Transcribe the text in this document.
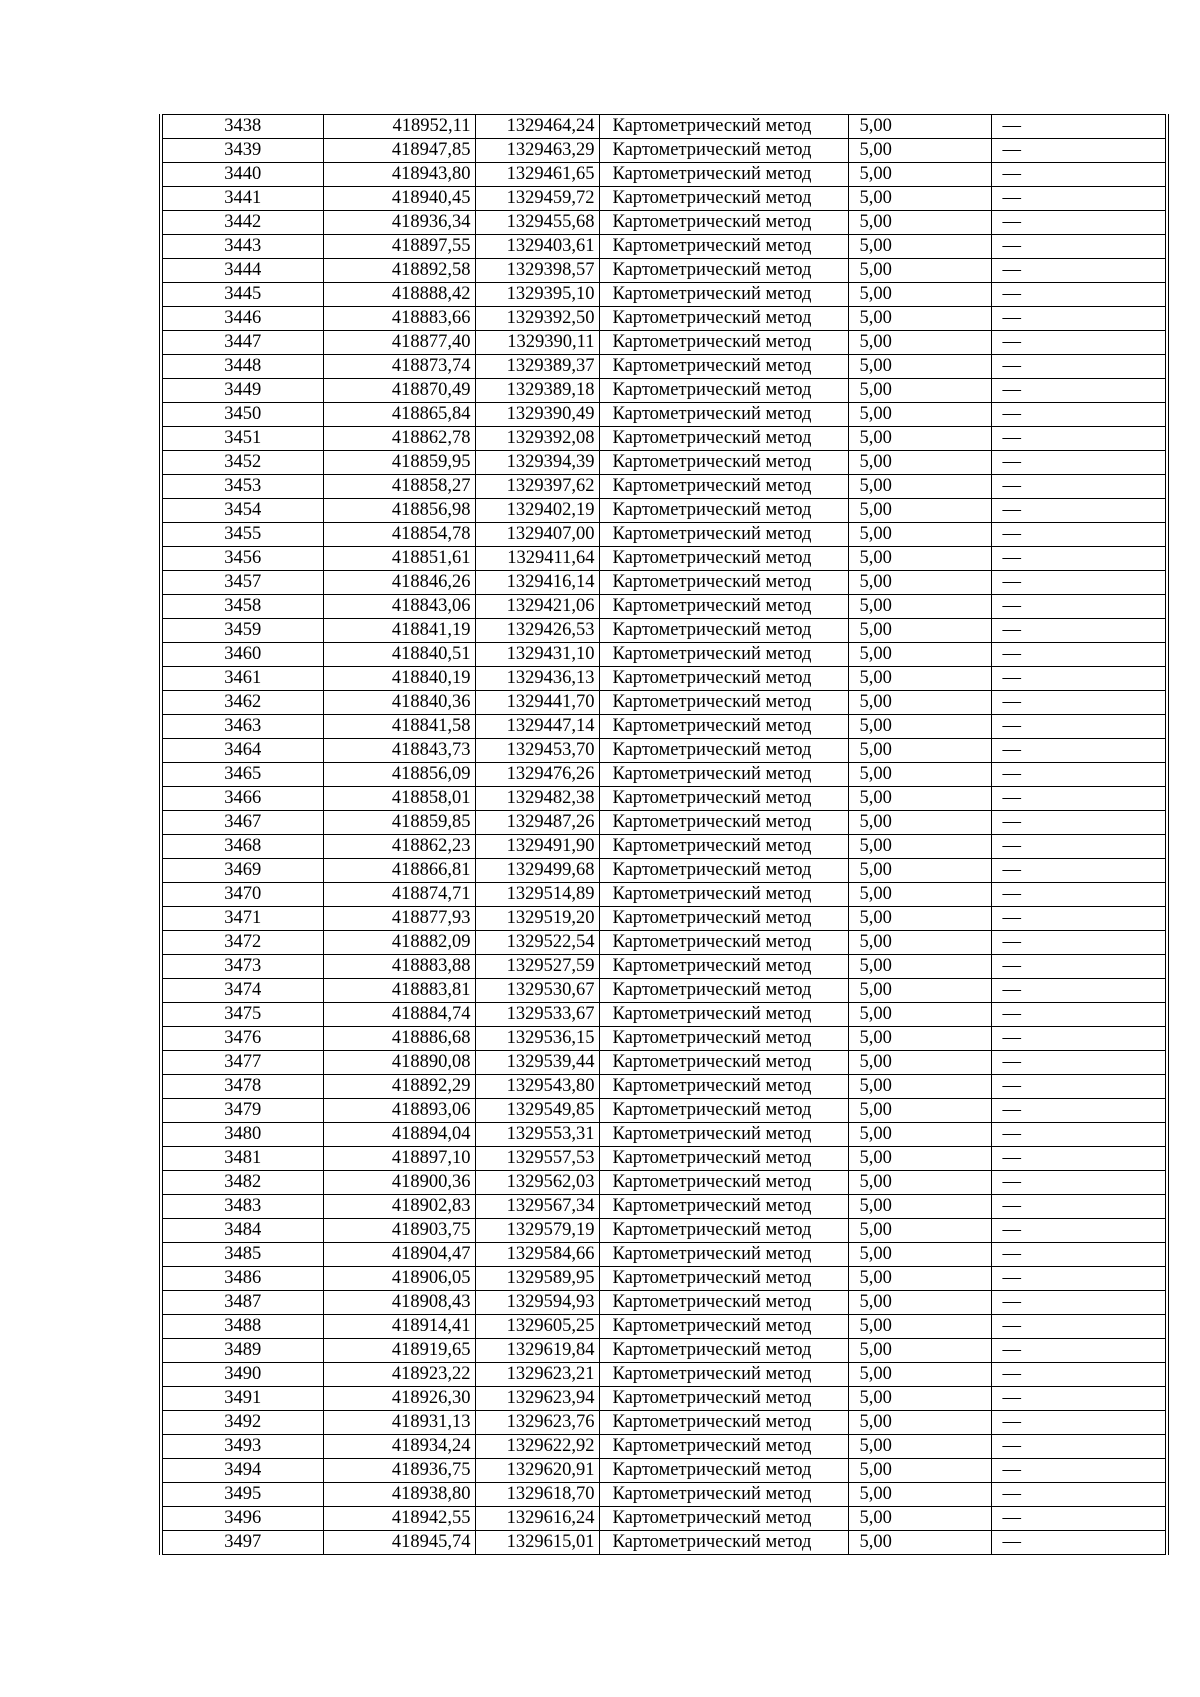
3438	418952,11	1329464,24	Картометрический метод	5,00	—
3439	418947,85	1329463,29	Картометрический метод	5,00	—
3440	418943,80	1329461,65	Картометрический метод	5,00	—
3441	418940,45	1329459,72	Картометрический метод	5,00	—
3442	418936,34	1329455,68	Картометрический метод	5,00	—
3443	418897,55	1329403,61	Картометрический метод	5,00	—
3444	418892,58	1329398,57	Картометрический метод	5,00	—
3445	418888,42	1329395,10	Картометрический метод	5,00	—
3446	418883,66	1329392,50	Картометрический метод	5,00	—
3447	418877,40	1329390,11	Картометрический метод	5,00	—
3448	418873,74	1329389,37	Картометрический метод	5,00	—
3449	418870,49	1329389,18	Картометрический метод	5,00	—
3450	418865,84	1329390,49	Картометрический метод	5,00	—
3451	418862,78	1329392,08	Картометрический метод	5,00	—
3452	418859,95	1329394,39	Картометрический метод	5,00	—
3453	418858,27	1329397,62	Картометрический метод	5,00	—
3454	418856,98	1329402,19	Картометрический метод	5,00	—
3455	418854,78	1329407,00	Картометрический метод	5,00	—
3456	418851,61	1329411,64	Картометрический метод	5,00	—
3457	418846,26	1329416,14	Картометрический метод	5,00	—
3458	418843,06	1329421,06	Картометрический метод	5,00	—
3459	418841,19	1329426,53	Картометрический метод	5,00	—
3460	418840,51	1329431,10	Картометрический метод	5,00	—
3461	418840,19	1329436,13	Картометрический метод	5,00	—
3462	418840,36	1329441,70	Картометрический метод	5,00	—
3463	418841,58	1329447,14	Картометрический метод	5,00	—
3464	418843,73	1329453,70	Картометрический метод	5,00	—
3465	418856,09	1329476,26	Картометрический метод	5,00	—
3466	418858,01	1329482,38	Картометрический метод	5,00	—
3467	418859,85	1329487,26	Картометрический метод	5,00	—
3468	418862,23	1329491,90	Картометрический метод	5,00	—
3469	418866,81	1329499,68	Картометрический метод	5,00	—
3470	418874,71	1329514,89	Картометрический метод	5,00	—
3471	418877,93	1329519,20	Картометрический метод	5,00	—
3472	418882,09	1329522,54	Картометрический метод	5,00	—
3473	418883,88	1329527,59	Картометрический метод	5,00	—
3474	418883,81	1329530,67	Картометрический метод	5,00	—
3475	418884,74	1329533,67	Картометрический метод	5,00	—
3476	418886,68	1329536,15	Картометрический метод	5,00	—
3477	418890,08	1329539,44	Картометрический метод	5,00	—
3478	418892,29	1329543,80	Картометрический метод	5,00	—
3479	418893,06	1329549,85	Картометрический метод	5,00	—
3480	418894,04	1329553,31	Картометрический метод	5,00	—
3481	418897,10	1329557,53	Картометрический метод	5,00	—
3482	418900,36	1329562,03	Картометрический метод	5,00	—
3483	418902,83	1329567,34	Картометрический метод	5,00	—
3484	418903,75	1329579,19	Картометрический метод	5,00	—
3485	418904,47	1329584,66	Картометрический метод	5,00	—
3486	418906,05	1329589,95	Картометрический метод	5,00	—
3487	418908,43	1329594,93	Картометрический метод	5,00	—
3488	418914,41	1329605,25	Картометрический метод	5,00	—
3489	418919,65	1329619,84	Картометрический метод	5,00	—
3490	418923,22	1329623,21	Картометрический метод	5,00	—
3491	418926,30	1329623,94	Картометрический метод	5,00	—
3492	418931,13	1329623,76	Картометрический метод	5,00	—
3493	418934,24	1329622,92	Картометрический метод	5,00	—
3494	418936,75	1329620,91	Картометрический метод	5,00	—
3495	418938,80	1329618,70	Картометрический метод	5,00	—
3496	418942,55	1329616,24	Картометрический метод	5,00	—
3497	418945,74	1329615,01	Картометрический метод	5,00	—
